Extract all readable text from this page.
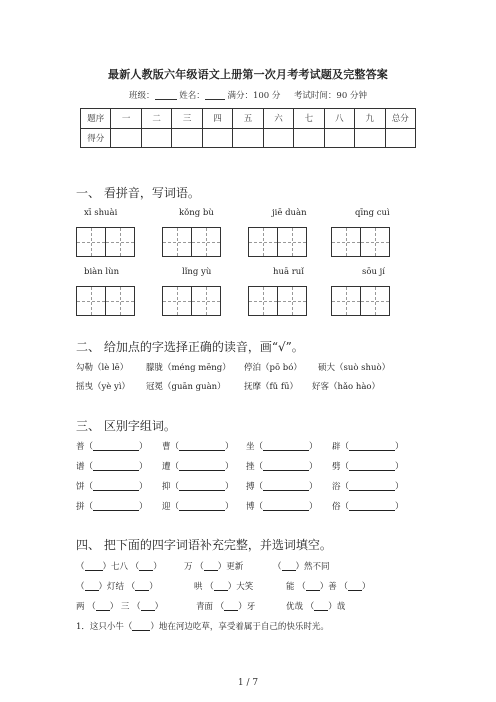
最新人教版六年级语文上册第一次月考考试题及完整答案
班级：	姓名：	满分：100 分 考试时间：90 分钟
题序	一	二	三	四	五	六	七	八	九	总分
得分										
一、 看拼音，写词语。
xī shuài	kǒng bù	jiē duàn	qīng cuì
biàn lùn	lǐng yù	huā ruǐ	sōu jí
二、 给加点的字选择正确的读音，画“√”。
勾勒（lè lē） 朦胧（méng mēng） 停泊（pō bó） 硕大（suò shuò）
摇曳（yè yì） 冠冕（guān guàn） 抚摩（fǔ fū） 好客（hǎo hào）
三、 区别字组词。
普（	） 曹（	） 坐（	） 辟（	）
谱（	） 遭（	） 挫（	） 劈（	）
饼（	） 抑（	） 搏（	） 浴（	）
拼（	） 迎（	） 博（	） 俗（	）
四、 把下面的四字词语补充完整，并选词填空。
（ ）七八 （ ）	万 （ ）更新	（ ）然不同
（ ）灯结 （ ）	哄 （ ）大笑	能 （ ）善 （ ）
两 （ ） 三 （ ）	青面 （ ）牙	优哉 （ ）哉
1．这只小牛（ ）地在河边吃草，享受着属于自己的快乐时光。
1 / 7
